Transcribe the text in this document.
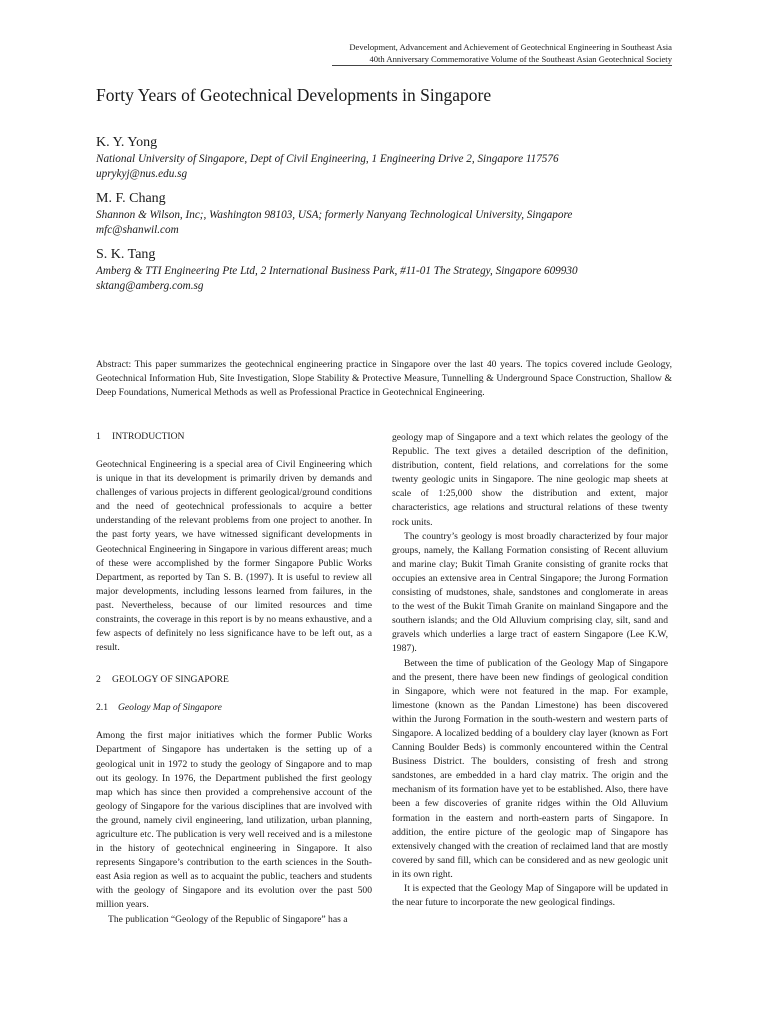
Development, Advancement and Achievement of Geotechnical Engineering in Southeast Asia
40th Anniversary Commemorative Volume of the Southeast Asian Geotechnical Society
Forty Years of Geotechnical Developments in Singapore
K. Y. Yong
National University of Singapore, Dept of Civil Engineering, 1 Engineering Drive 2, Singapore 117576
uprykyj@nus.edu.sg
M. F. Chang
Shannon & Wilson, Inc;, Washington 98103, USA; formerly Nanyang Technological University, Singapore
mfc@shanwil.com
S. K. Tang
Amberg & TTI Engineering Pte Ltd, 2 International Business Park, #11-01 The Strategy, Singapore 609930
sktang@amberg.com.sg

Abstract: This paper summarizes the geotechnical engineering practice in Singapore over the last 40 years. The topics covered include Geology, Geotechnical Information Hub, Site Investigation, Slope Stability & Protective Measure, Tunnelling & Underground Space Construction, Shallow & Deep Foundations, Numerical Methods as well as Professional Practice in Geotechnical Engineering.

1 INTRODUCTION

Geotechnical Engineering is a special area of Civil Engineering which is unique in that its development is primarily driven by demands and challenges of various projects in different geological/ground conditions and the need of geotechnical professionals to acquire a better understanding of the relevant problems from one project to another. In the past forty years, we have witnessed significant developments in Geotechnical Engineering in Singapore in various different areas; much of these were accomplished by the former Singapore Public Works Department, as reported by Tan S. B. (1997). It is useful to review all major developments, including lessons learned from failures, in the past. Nevertheless, because of our limited resources and time constraints, the coverage in this report is by no means exhaustive, and a few aspects of definitely no less significance have to be left out, as a result.

2 GEOLOGY OF SINGAPORE
2.1 Geology Map of Singapore

Among the first major initiatives which the former Public Works Department of Singapore has undertaken is the setting up of a geological unit in 1972 to study the geology of Singapore and to map out its geology. In 1976, the Department published the first geology map which has since then provided a comprehensive account of the geology of Singapore for the various disciplines that are involved with the ground, namely civil engineering, land utilization, urban planning, agriculture etc. The publication is very well received and is a milestone in the history of geotechnical engineering in Singapore. It also represents Singapore’s contribution to the earth sciences in the South-east Asia region as well as to acquaint the public, teachers and students with the geology of Singapore and its evolution over the past 500 million years.

The publication “Geology of the Republic of Singapore” has a

geology map of Singapore and a text which relates the geology of the Republic. The text gives a detailed description of the definition, distribution, content, field relations, and correlations for the some twenty geologic units in Singapore. The nine geologic map sheets at scale of 1:25,000 show the distribution and extent, major characteristics, age relations and structural relations of these twenty rock units.

The country’s geology is most broadly characterized by four major groups, namely, the Kallang Formation consisting of Recent alluvium and marine clay; Bukit Timah Granite consisting of granite rocks that occupies an extensive area in Central Singapore; the Jurong Formation consisting of mudstones, shale, sandstones and conglomerate in areas to the west of the Bukit Timah Granite on mainland Singapore and the southern islands; and the Old Alluvium comprising clay, silt, sand and gravels which underlies a large tract of eastern Singapore (Lee K.W, 1987).

Between the time of publication of the Geology Map of Singapore and the present, there have been new findings of geological condition in Singapore, which were not featured in the map. For example, limestone (known as the Pandan Limestone) has been discovered within the Jurong Formation in the south-western and western parts of Singapore. A localized bedding of a bouldery clay layer (known as Fort Canning Boulder Beds) is commonly encountered within the Central Business District. The boulders, consisting of fresh and strong sandstones, are embedded in a hard clay matrix. The origin and the mechanism of its formation have yet to be established. Also, there have been a few discoveries of granite ridges within the Old Alluvium formation in the eastern and north-eastern parts of Singapore. In addition, the entire picture of the geologic map of Singapore has extensively changed with the creation of reclaimed land that are mostly covered by sand fill, which can be considered and as new geologic unit in its own right.

It is expected that the Geology Map of Singapore will be updated in the near future to incorporate the new geological findings.
